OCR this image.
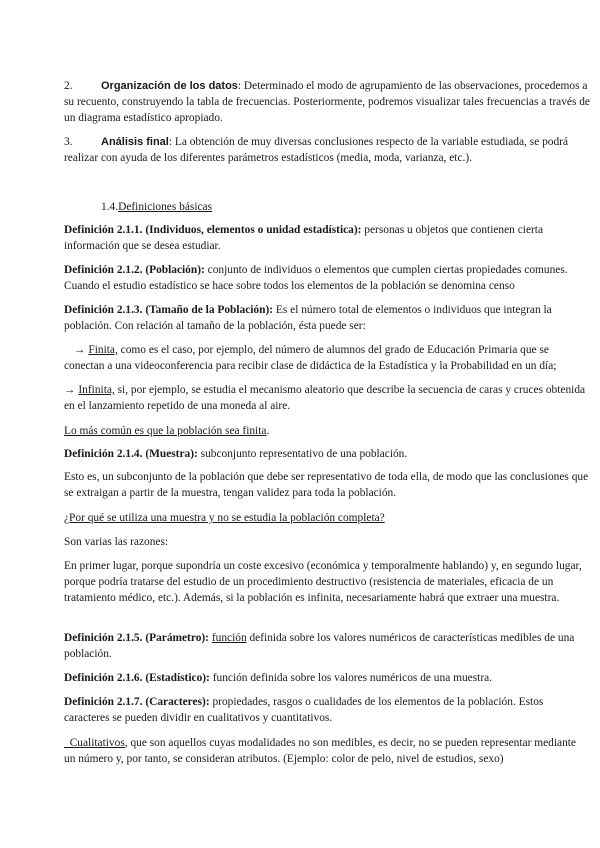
2.	Organización de los datos: Determinado el modo de agrupamiento de las observaciones, procedemos a su recuento, construyendo la tabla de frecuencias. Posteriormente, podremos visualizar tales frecuencias a través de un diagrama estadístico apropiado.

3.	Análisis final: La obtención de muy diversas conclusiones respecto de la variable estudiada, se podrá realizar con ayuda de los diferentes parámetros estadísticos (media, moda, varianza, etc.).

1.4.Definiciones básicas

Definición 2.1.1. (Individuos, elementos o unidad estadística): personas u objetos que contienen cierta información que se desea estudiar.

Definición 2.1.2. (Población): conjunto de individuos o elementos que cumplen ciertas propiedades comunes. Cuando el estudio estadístico se hace sobre todos los elementos de la población se denomina censo

Definición 2.1.3. (Tamaño de la Población): Es el número total de elementos o individuos que integran la población. Con relación al tamaño de la población, ésta puede ser:

→ Finita, como es el caso, por ejemplo, del número de alumnos del grado de Educación Primaria que se conectan a una videoconferencia para recibir clase de didáctica de la Estadística y la Probabilidad en un día;

→ Infinita, si, por ejemplo, se estudia el mecanismo aleatorio que describe la secuencia de caras y cruces obtenida en el lanzamiento repetido de una moneda al aire.

Lo más común es que la población sea finita.

Definición 2.1.4. (Muestra): subconjunto representativo de una población.

Esto es, un subconjunto de la población que debe ser representativo de toda ella, de modo que las conclusiones que se extraigan a partir de la muestra, tengan validez para toda la población.

¿Por qué se utiliza una muestra y no se estudia la población completa?

Son varias las razones:

En primer lugar, porque supondría un coste excesivo (económica y temporalmente hablando) y, en segundo lugar, porque podría tratarse del estudio de un procedimiento destructivo (resistencia de materiales, eficacia de un tratamiento médico, etc.). Además, si la población es infinita, necesariamente habrá que extraer una muestra.

Definición 2.1.5. (Parámetro): función definida sobre los valores numéricos de características medibles de una población.

Definición 2.1.6. (Estadístico): función definida sobre los valores numéricos de una muestra.

Definición 2.1.7. (Caracteres): propiedades, rasgos o cualidades de los elementos de la población. Estos caracteres se pueden dividir en cualitativos y cuantitativos.

Cualitativos, que son aquellos cuyas modalidades no son medibles, es decir, no se pueden representar mediante un número y, por tanto, se consideran atributos. (Ejemplo: color de pelo, nivel de estudios, sexo)
